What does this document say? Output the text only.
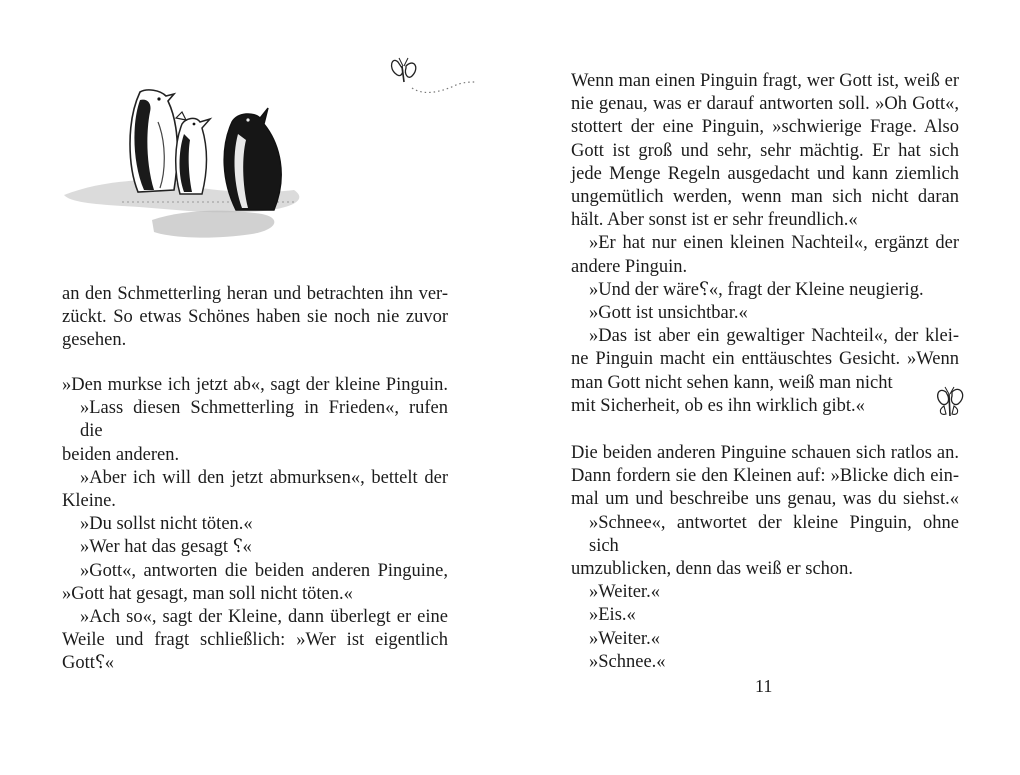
an den Schmetterling heran und betrachten ihn ver-
zückt. So etwas Schönes haben sie noch nie zuvor
gesehen.
»Den murkse ich jetzt ab«, sagt der kleine Pinguin.
»Lass diesen Schmetterling in Frieden«, rufen die
beiden anderen.
»Aber ich will den jetzt abmurksen«, bettelt der
Kleine.
»Du sollst nicht töten.«
»Wer hat das gesagt ⸮«
»Gott«, antworten die beiden anderen Pinguine,
»Gott hat gesagt, man soll nicht töten.«
»Ach so«, sagt der Kleine, dann überlegt er eine
Weile und fragt schließlich: »Wer ist eigentlich
Gott⸮«
Wenn man einen Pinguin fragt, wer Gott ist, weiß er
nie genau, was er darauf antworten soll. »Oh Gott«,
stottert der eine Pinguin, »schwierige Frage. Also
Gott ist groß und sehr, sehr mächtig. Er hat sich
jede Menge Regeln ausgedacht und kann ziemlich
ungemütlich werden, wenn man sich nicht daran
hält. Aber sonst ist er sehr freundlich.«
»Er hat nur einen kleinen Nachteil«, ergänzt der
andere Pinguin.
»Und der wäre⸮«, fragt der Kleine neugierig.
»Gott ist unsichtbar.«
»Das ist aber ein gewaltiger Nachteil«, der klei-
ne Pinguin macht ein enttäuschtes Gesicht. »Wenn
man Gott nicht sehen kann, weiß man nicht
mit Sicherheit, ob es ihn wirklich gibt.«
Die beiden anderen Pinguine schauen sich ratlos an.
Dann fordern sie den Kleinen auf: »Blicke dich ein-
mal um und beschreibe uns genau, was du siehst.«
»Schnee«, antwortet der kleine Pinguin, ohne sich
umzublicken, denn das weiß er schon.
»Weiter.«
»Eis.«
»Weiter.«
»Schnee.«
11
